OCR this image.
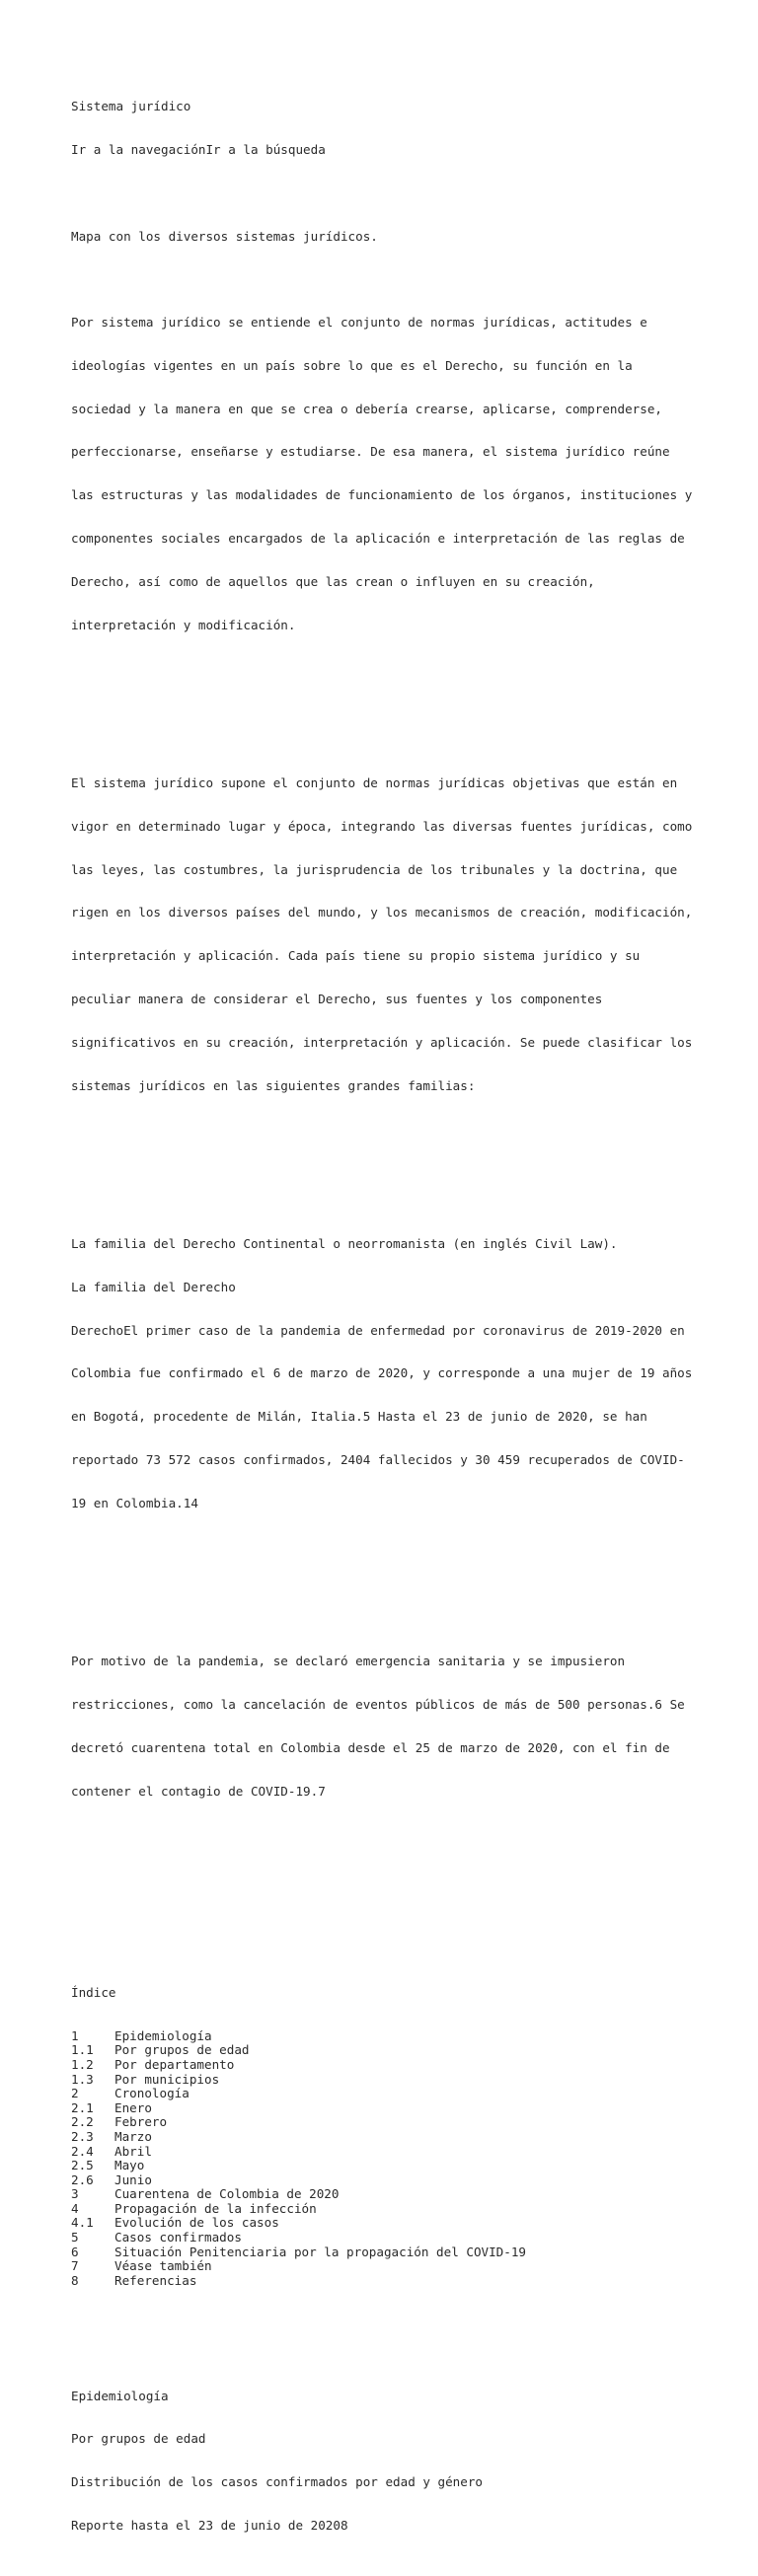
Sistema jurídico

Ir a la navegaciónIr a la búsqueda

Mapa con los diversos sistemas jurídicos.

Por sistema jurídico se entiende el conjunto de normas jurídicas, actitudes e

ideologías vigentes en un país sobre lo que es el Derecho, su función en la

sociedad y la manera en que se crea o debería crearse, aplicarse, comprenderse,

perfeccionarse, enseñarse y estudiarse. De esa manera, el sistema jurídico reúne

las estructuras y las modalidades de funcionamiento de los órganos, instituciones y

componentes sociales encargados de la aplicación e interpretación de las reglas de

Derecho, así como de aquellos que las crean o influyen en su creación,

interpretación y modificación.

El sistema jurídico supone el conjunto de normas jurídicas objetivas que están en

vigor en determinado lugar y época, integrando las diversas fuentes jurídicas, como

las leyes, las costumbres, la jurisprudencia de los tribunales y la doctrina, que

rigen en los diversos países del mundo, y los mecanismos de creación, modificación,

interpretación y aplicación. Cada país tiene su propio sistema jurídico y su

peculiar manera de considerar el Derecho, sus fuentes y los componentes

significativos en su creación, interpretación y aplicación. Se puede clasificar los

sistemas jurídicos en las siguientes grandes familias:

La familia del Derecho Continental o neorromanista (en inglés Civil Law).

La familia del Derecho

DerechoEl primer caso de la pandemia de enfermedad por coronavirus de 2019-2020 en

Colombia fue confirmado el 6 de marzo de 2020, y corresponde a una mujer de 19 años

en Bogotá, procedente de Milán, Italia.5 Hasta el 23 de junio de 2020, se han

reportado 73 572 casos confirmados, 2404 fallecidos y 30 459 recuperados de COVID-

19 en Colombia.14

Por motivo de la pandemia, se declaró emergencia sanitaria y se impusieron

restricciones, como la cancelación de eventos públicos de más de 500 personas.6 Se

decretó cuarentena total en Colombia desde el 25 de marzo de 2020, con el fin de

contener el contagio de COVID-19.7

Índice

1	Epidemiología
1.1 Por grupos de edad
1.2 Por departamento
1.3 Por municipios
2	Cronología
2.1 Enero
2.2 Febrero
2.3 Marzo
2.4 Abril
2.5 Mayo
2.6 Junio
3	Cuarentena de Colombia de 2020
4	Propagación de la infección
4.1 Evolución de los casos
5	Casos confirmados
6	Situación Penitenciaria por la propagación del COVID-19
7	Véase también
8	Referencias

Epidemiología

Por grupos de edad

Distribución de los casos confirmados por edad y género

Reporte hasta el 23 de junio de 20208
